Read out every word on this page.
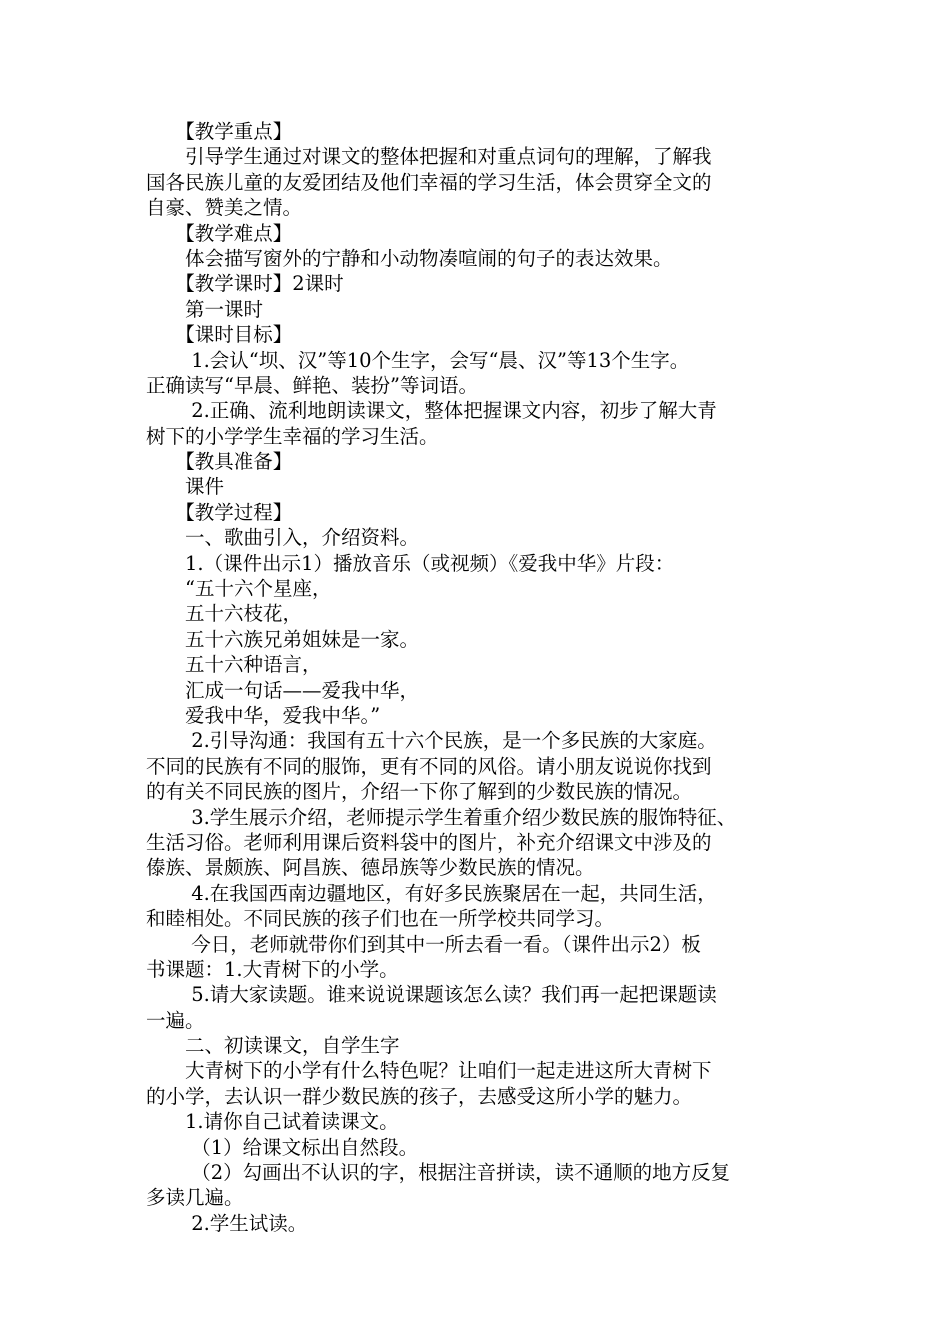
　　【教学重点】
　　引导学生通过对课文的整体把握和对重点词句的理解，了解我
国各民族儿童的友爱团结及他们幸福的学习生活，体会贯穿全文的
自豪、赞美之情。
　　【教学难点】
　　体会描写窗外的宁静和小动物凑喧闹的句子的表达效果。
　　【教学课时】2课时
　　第一课时
　　【课时目标】
　　 1.会认“坝、汉”等10个生字，会写“晨、汉”等13个生字。
正确读写“早晨、鲜艳、装扮”等词语。
　　 2.正确、流利地朗读课文，整体把握课文内容，初步了解大青
树下的小学学生幸福的学习生活。
　　【教具准备】
　　课件
　　【教学过程】
　　一、歌曲引入，介绍资料。
　　1.（课件出示1）播放音乐（或视频）《爱我中华》片段：
　　“五十六个星座，
　　五十六枝花，
　　五十六族兄弟姐妹是一家。
　　五十六种语言，
　　汇成一句话——爱我中华，
　　爱我中华，爱我中华。”
　　 2.引导沟通：我国有五十六个民族，是一个多民族的大家庭。
不同的民族有不同的服饰，更有不同的风俗。请小朋友说说你找到
的有关不同民族的图片，介绍一下你了解到的少数民族的情况。
　　 3.学生展示介绍，老师提示学生着重介绍少数民族的服饰特征、
生活习俗。老师利用课后资料袋中的图片，补充介绍课文中涉及的
傣族、景颇族、阿昌族、德昂族等少数民族的情况。
　　 4.在我国西南边疆地区，有好多民族聚居在一起，共同生活，
和睦相处。不同民族的孩子们也在一所学校共同学习。
　　 今日，老师就带你们到其中一所去看一看。（课件出示2）板
书课题：1.大青树下的小学。
　　 5.请大家读题。谁来说说课题该怎么读？我们再一起把课题读
一遍。
　　二、初读课文，自学生字
　　大青树下的小学有什么特色呢？让咱们一起走进这所大青树下
的小学，去认识一群少数民族的孩子，去感受这所小学的魅力。
　　1.请你自己试着读课文。
　　 （1）给课文标出自然段。
　　 （2）勾画出不认识的字，根据注音拼读，读不通顺的地方反复
多读几遍。
　　 2.学生试读。
